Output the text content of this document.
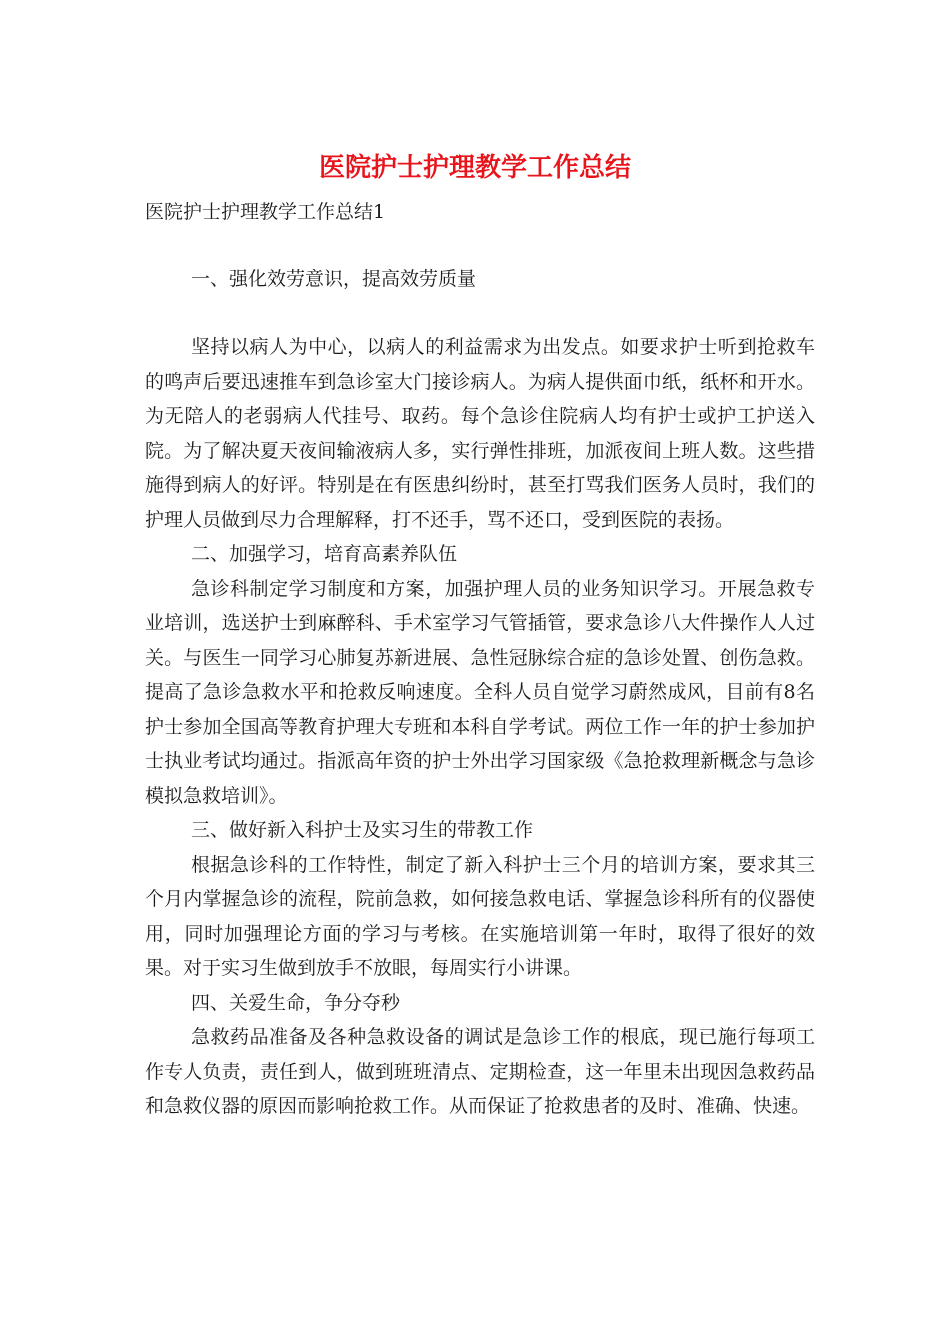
医院护士护理教学工作总结

医院护士护理教学工作总结1

一、强化效劳意识，提高效劳质量

坚持以病人为中心，以病人的利益需求为出发点。如要求护士听到抢救车的鸣声后要迅速推车到急诊室大门接诊病人。为病人提供面巾纸，纸杯和开水。为无陪人的老弱病人代挂号、取药。每个急诊住院病人均有护士或护工护送入院。为了解决夏天夜间输液病人多，实行弹性排班，加派夜间上班人数。这些措施得到病人的好评。特别是在有医患纠纷时，甚至打骂我们医务人员时，我们的护理人员做到尽力合理解释，打不还手，骂不还口，受到医院的表扬。

二、加强学习，培育高素养队伍

急诊科制定学习制度和方案，加强护理人员的业务知识学习。开展急救专业培训，选送护士到麻醉科、手术室学习气管插管，要求急诊八大件操作人人过关。与医生一同学习心肺复苏新进展、急性冠脉综合症的急诊处置、创伤急救。提高了急诊急救水平和抢救反响速度。全科人员自觉学习蔚然成风，目前有8名护士参加全国高等教育护理大专班和本科自学考试。两位工作一年的护士参加护士执业考试均通过。指派高年资的护士外出学习国家级《急抢救理新概念与急诊模拟急救培训》。

三、做好新入科护士及实习生的带教工作

根据急诊科的工作特性，制定了新入科护士三个月的培训方案，要求其三个月内掌握急诊的流程，院前急救，如何接急救电话、掌握急诊科所有的仪器使用，同时加强理论方面的学习与考核。在实施培训第一年时，取得了很好的效果。对于实习生做到放手不放眼，每周实行小讲课。

四、关爱生命，争分夺秒

急救药品准备及各种急救设备的调试是急诊工作的根底，现已施行每项工作专人负责，责任到人，做到班班清点、定期检查，这一年里未出现因急救药品和急救仪器的原因而影响抢救工作。从而保证了抢救患者的及时、准确、快速。
